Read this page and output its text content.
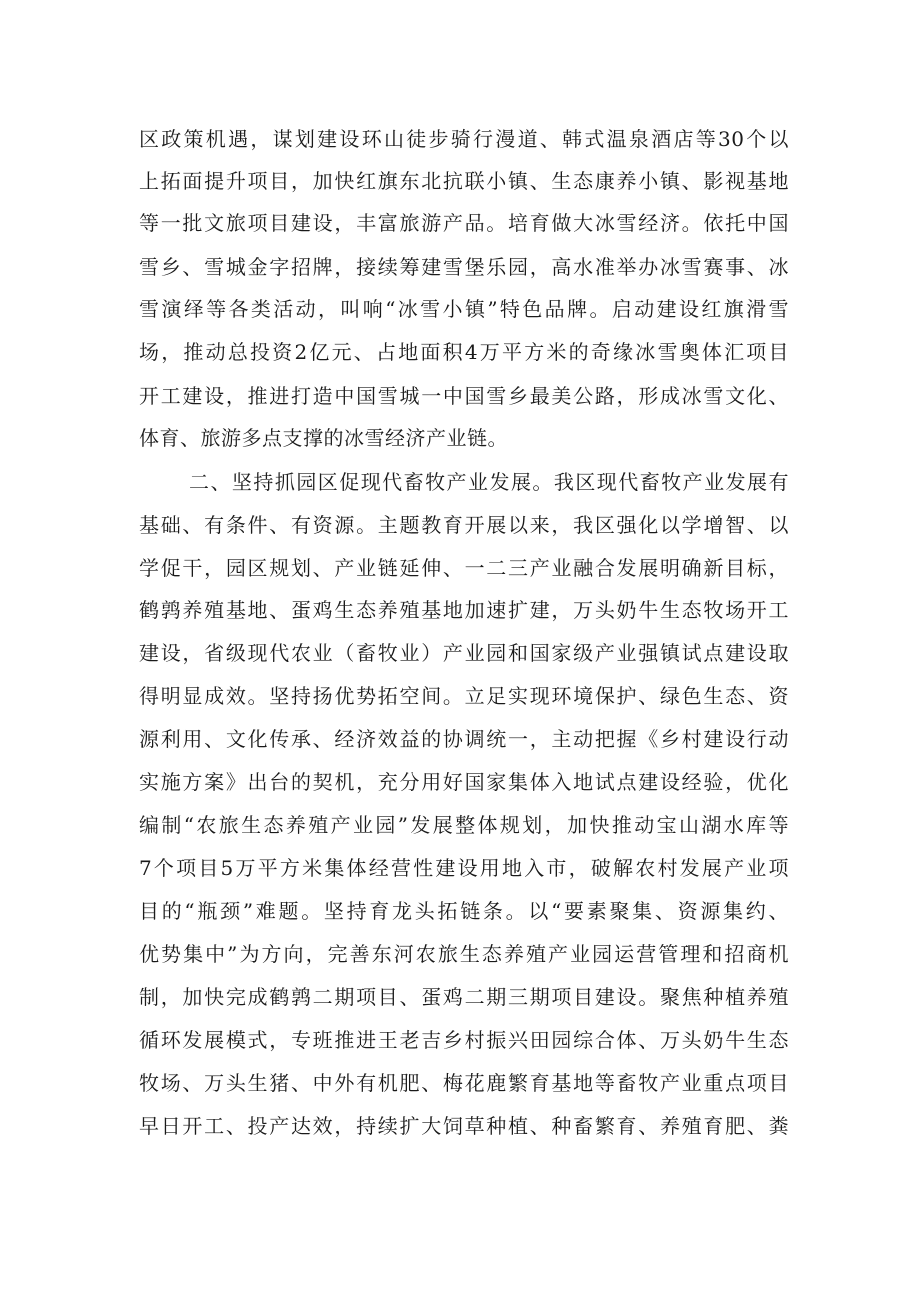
区政策机遇，谋划建设环山徒步骑行漫道、韩式温泉酒店等30个以

上拓面提升项目，加快红旗东北抗联小镇、生态康养小镇、影视基地

等一批文旅项目建设，丰富旅游产品。培育做大冰雪经济。依托中国

雪乡、雪城金字招牌，接续筹建雪堡乐园，高水准举办冰雪赛事、冰

雪演绎等各类活动，叫响“冰雪小镇”特色品牌。启动建设红旗滑雪

场，推动总投资2亿元、占地面积4万平方米的奇缘冰雪奥体汇项目

开工建设，推进打造中国雪城一中国雪乡最美公路，形成冰雪文化、

体育、旅游多点支撑的冰雪经济产业链。

二、坚持抓园区促现代畜牧产业发展。我区现代畜牧产业发展有

基础、有条件、有资源。主题教育开展以来，我区强化以学增智、以

学促干，园区规划、产业链延伸、一二三产业融合发展明确新目标，

鹤鹑养殖基地、蛋鸡生态养殖基地加速扩建，万头奶牛生态牧场开工

建设，省级现代农业（畜牧业）产业园和国家级产业强镇试点建设取

得明显成效。坚持扬优势拓空间。立足实现环境保护、绿色生态、资

源利用、文化传承、经济效益的协调统一，主动把握《乡村建设行动

实施方案》出台的契机，充分用好国家集体入地试点建设经验，优化

编制“农旅生态养殖产业园”发展整体规划，加快推动宝山湖水库等

7个项目5万平方米集体经营性建设用地入市，破解农村发展产业项

目的“瓶颈”难题。坚持育龙头拓链条。以“要素聚集、资源集约、

优势集中”为方向，完善东河农旅生态养殖产业园运营管理和招商机

制，加快完成鹤鹑二期项目、蛋鸡二期三期项目建设。聚焦种植养殖

循环发展模式，专班推进王老吉乡村振兴田园综合体、万头奶牛生态

牧场、万头生猪、中外有机肥、梅花鹿繁育基地等畜牧产业重点项目

早日开工、投产达效，持续扩大饲草种植、种畜繁育、养殖育肥、粪
